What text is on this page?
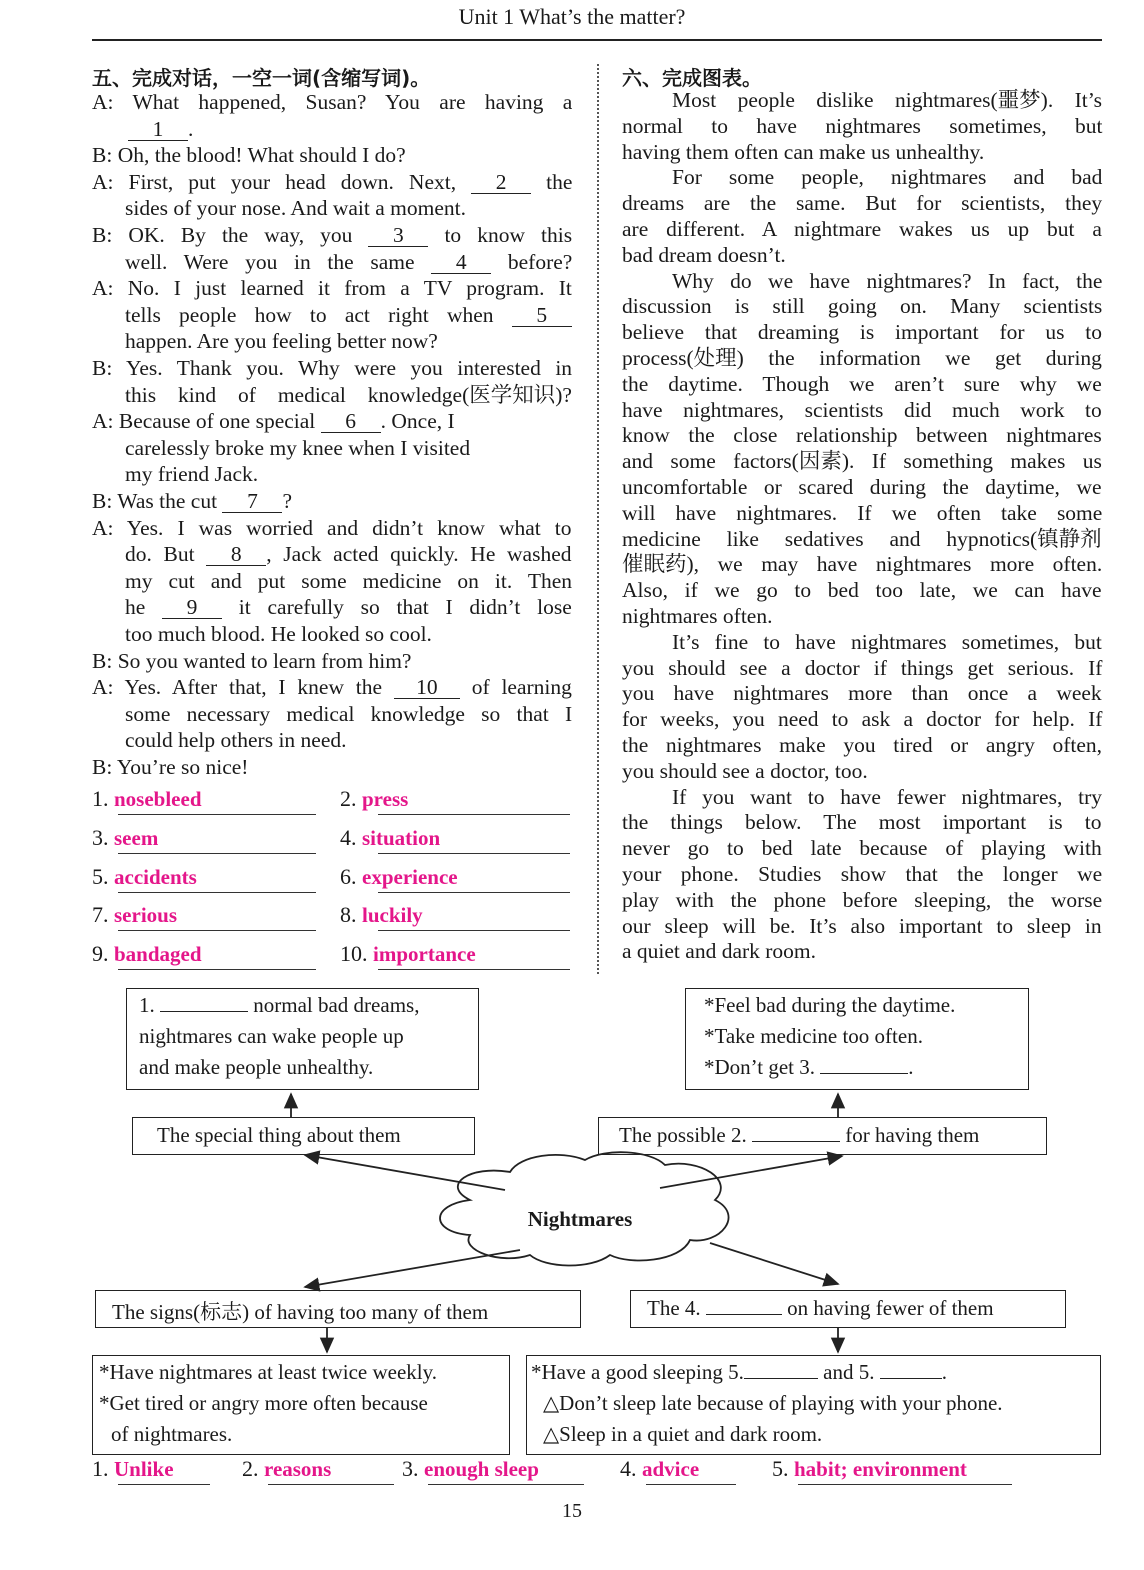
Unit 1 What’s the matter?
五、完成对话，一空一词(含缩写词)。
A: What happened, Susan? You are having a
1 .
B: Oh, the blood! What should I do?
A: First, put your head down. Next, 2 the
sides of your nose. And wait a moment.
B: OK. By the way, you 3 to know this
well. Were you in the same 4 before?
A: No. I just learned it from a TV program. It
tells people how to act right when 5
happen. Are you feeling better now?
B: Yes. Thank you. Why were you interested in
this kind of medical knowledge(医学知识)?
A: Because of one special 6 . Once, I
carelessly broke my knee when I visited
my friend Jack.
B: Was the cut 7 ?
A: Yes. I was worried and didn’t know what to
do. But 8 , Jack acted quickly. He washed
my cut and put some medicine on it. Then
he 9 it carefully so that I didn’t lose
too much blood. He looked so cool.
B: So you wanted to learn from him?
A: Yes. After that, I knew the 10 of learning
some necessary medical knowledge so that I
could help others in need.
B: You’re so nice!
1. nosebleed	2. press
3. seem	4. situation
5. accidents	6. experience
7. serious	8. luckily
9. bandaged	10. importance
六、完成图表。
Most people dislike nightmares(噩梦). It’s
normal to have nightmares sometimes, but
having them often can make us unhealthy.
For some people, nightmares and bad
dreams are the same. But for scientists, they
are different. A nightmare wakes us up but a
bad dream doesn’t.
Why do we have nightmares? In fact, the
discussion is still going on. Many scientists
believe that dreaming is important for us to
process(处理) the information we get during
the daytime. Though we aren’t sure why we
have nightmares, scientists did much work to
know the close relationship between nightmares
and some factors(因素). If something makes us
uncomfortable or scared during the daytime, we
will have nightmares. If we often take some
medicine like sedatives and hypnotics(镇静剂
催眠药), we may have nightmares more often.
Also, if we go to bed too late, we can have
nightmares often.
It’s fine to have nightmares sometimes, but
you should see a doctor if things get serious. If
you have nightmares more than once a week
for weeks, you need to ask a doctor for help. If
the nightmares make you tired or angry often,
you should see a doctor, too.
If you want to have fewer nightmares, try
the things below. The most important is to
never go to bed late because of playing with
your phone. Studies show that the longer we
play with the phone before sleeping, the worse
our sleep will be. It’s also important to sleep in
a quiet and dark room.
Nightmares
1.	normal bad dreams,
nightmares can wake people up
and make people unhealthy.
*Feel bad during the daytime.
*Take medicine too often.
*Don’t get 3.	.
The special thing about them	The possible 2.	for having them
The signs(标志) of having too many of them	The 4.	on having fewer of them
*Have nightmares at least twice weekly.
*Get tired or angry more often because
of nightmares.
*Have a good sleeping 5.	and 5.	.
△Don’t sleep late because of playing with your phone.
△Sleep in a quiet and dark room.
1. Unlike	2. reasons	3. enough sleep	4. advice	5. habit; environment
15
